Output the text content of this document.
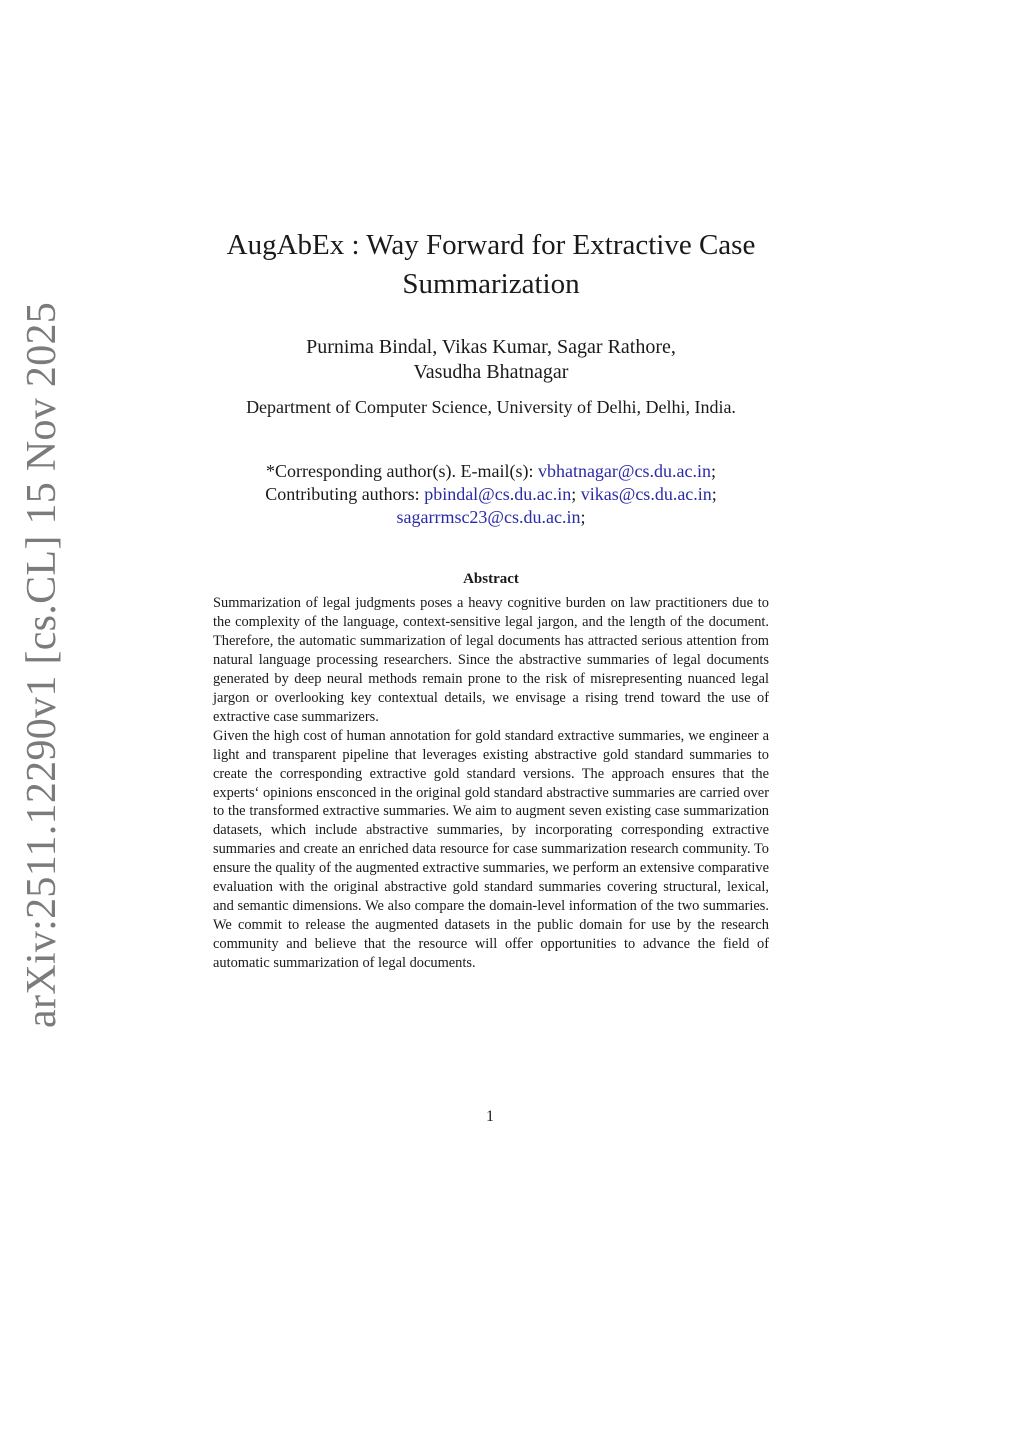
arXiv:2511.12290v1 [cs.CL] 15 Nov 2025
AugAbEx : Way Forward for Extractive Case
Summarization
Purnima Bindal, Vikas Kumar, Sagar Rathore,
Vasudha Bhatnagar
Department of Computer Science, University of Delhi, Delhi, India.
*Corresponding author(s). E-mail(s): vbhatnagar@cs.du.ac.in;
Contributing authors: pbindal@cs.du.ac.in; vikas@cs.du.ac.in;
sagarrmsc23@cs.du.ac.in;
Abstract

Summarization of legal judgments poses a heavy cognitive burden on law practitioners due to the complexity of the language, context-sensitive legal jargon, and the length of the document. Therefore, the automatic summarization of legal documents has attracted serious attention from natural language processing researchers. Since the abstractive summaries of legal documents generated by deep neural methods remain prone to the risk of misrepresenting nuanced legal jargon or overlooking key contextual details, we envisage a rising trend toward the use of extractive case summarizers.

Given the high cost of human annotation for gold standard extractive summaries, we engineer a light and transparent pipeline that leverages existing abstractive gold standard summaries to create the corresponding extractive gold standard versions. The approach ensures that the experts‘ opinions ensconced in the original gold standard abstractive summaries are carried over to the transformed extractive summaries. We aim to augment seven existing case summarization datasets, which include abstractive summaries, by incorporating corresponding extractive summaries and create an enriched data resource for case summarization research community. To ensure the quality of the augmented extractive summaries, we perform an extensive comparative evaluation with the original abstractive gold standard summaries covering structural, lexical, and semantic dimensions. We also compare the domain-level information of the two summaries. We commit to release the augmented datasets in the public domain for use by the research community and believe that the resource will offer opportunities to advance the field of automatic summarization of legal documents.

1
